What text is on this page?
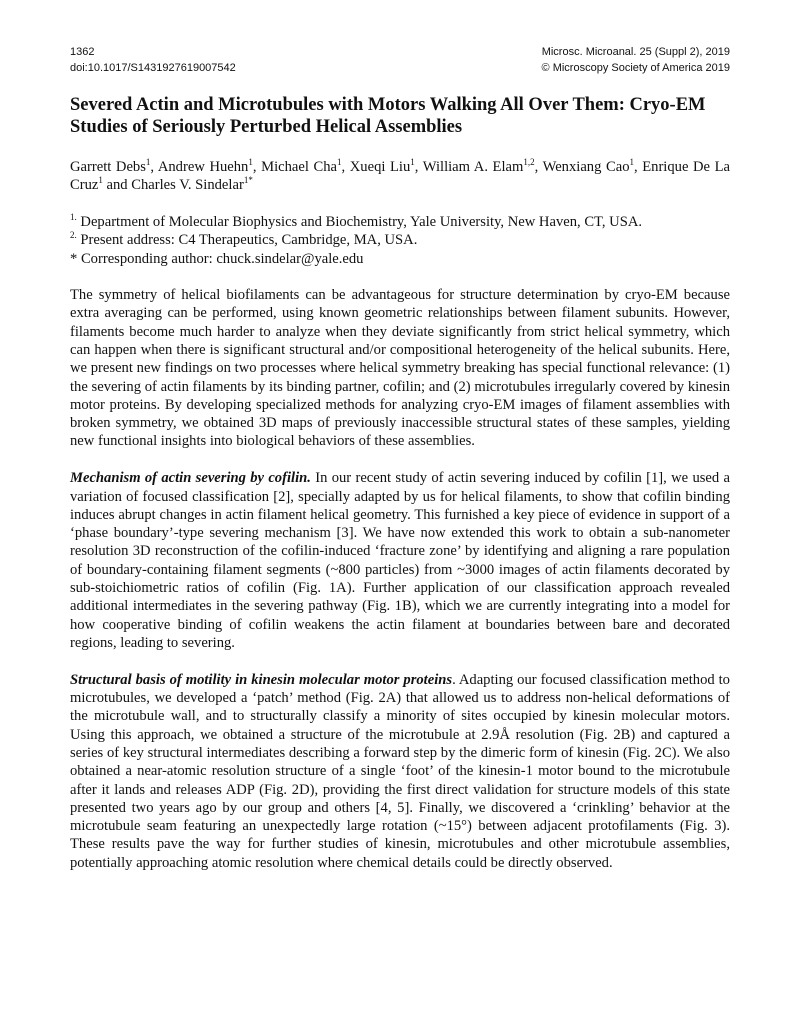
1362
doi:10.1017/S1431927619007542
Microsc. Microanal. 25 (Suppl 2), 2019
© Microscopy Society of America 2019
Severed Actin and Microtubules with Motors Walking All Over Them: Cryo-EM Studies of Seriously Perturbed Helical Assemblies

Garrett Debs$^1$, Andrew Huehn$^1$, Michael Cha$^1$, Xueqi Liu$^1$, William A. Elam$^{1,2}$, Wenxiang Cao$^1$, Enrique De La Cruz$^1$ and Charles V. Sindelar$^{1*}$

$^{1.}$ Department of Molecular Biophysics and Biochemistry, Yale University, New Haven, CT, USA.
$^{2.}$ Present address: C4 Therapeutics, Cambridge, MA, USA.
* Corresponding author: chuck.sindelar@yale.edu

The symmetry of helical biofilaments can be advantageous for structure determination by cryo-EM because extra averaging can be performed, using known geometric relationships between filament subunits. However, filaments become much harder to analyze when they deviate significantly from strict helical symmetry, which can happen when there is significant structural and/or compositional heterogeneity of the helical subunits. Here, we present new findings on two processes where helical symmetry breaking has special functional relevance: (1) the severing of actin filaments by its binding partner, cofilin; and (2) microtubules irregularly covered by kinesin motor proteins. By developing specialized methods for analyzing cryo-EM images of filament assemblies with broken symmetry, we obtained 3D maps of previously inaccessible structural states of these samples, yielding new functional insights into biological behaviors of these assemblies.

Mechanism of actin severing by cofilin. In our recent study of actin severing induced by cofilin [1], we used a variation of focused classification [2], specially adapted by us for helical filaments, to show that cofilin binding induces abrupt changes in actin filament helical geometry. This furnished a key piece of evidence in support of a ‘phase boundary’-type severing mechanism [3]. We have now extended this work to obtain a sub-nanometer resolution 3D reconstruction of the cofilin-induced ‘fracture zone’ by identifying and aligning a rare population of boundary-containing filament segments (~800 particles) from ~3000 images of actin filaments decorated by sub-stoichiometric ratios of cofilin (Fig. 1A). Further application of our classification approach revealed additional intermediates in the severing pathway (Fig. 1B), which we are currently integrating into a model for how cooperative binding of cofilin weakens the actin filament at boundaries between bare and decorated regions, leading to severing.

Structural basis of motility in kinesin molecular motor proteins. Adapting our focused classification method to microtubules, we developed a ‘patch’ method (Fig. 2A) that allowed us to address non-helical deformations of the microtubule wall, and to structurally classify a minority of sites occupied by kinesin molecular motors. Using this approach, we obtained a structure of the microtubule at 2.9Å resolution (Fig. 2B) and captured a series of key structural intermediates describing a forward step by the dimeric form of kinesin (Fig. 2C). We also obtained a near-atomic resolution structure of a single ‘foot’ of the kinesin-1 motor bound to the microtubule after it lands and releases ADP (Fig. 2D), providing the first direct validation for structure models of this state presented two years ago by our group and others [4, 5]. Finally, we discovered a ‘crinkling’ behavior at the microtubule seam featuring an unexpectedly large rotation (~15°) between adjacent protofilaments (Fig. 3). These results pave the way for further studies of kinesin, microtubules and other microtubule assemblies, potentially approaching atomic resolution where chemical details could be directly observed.
